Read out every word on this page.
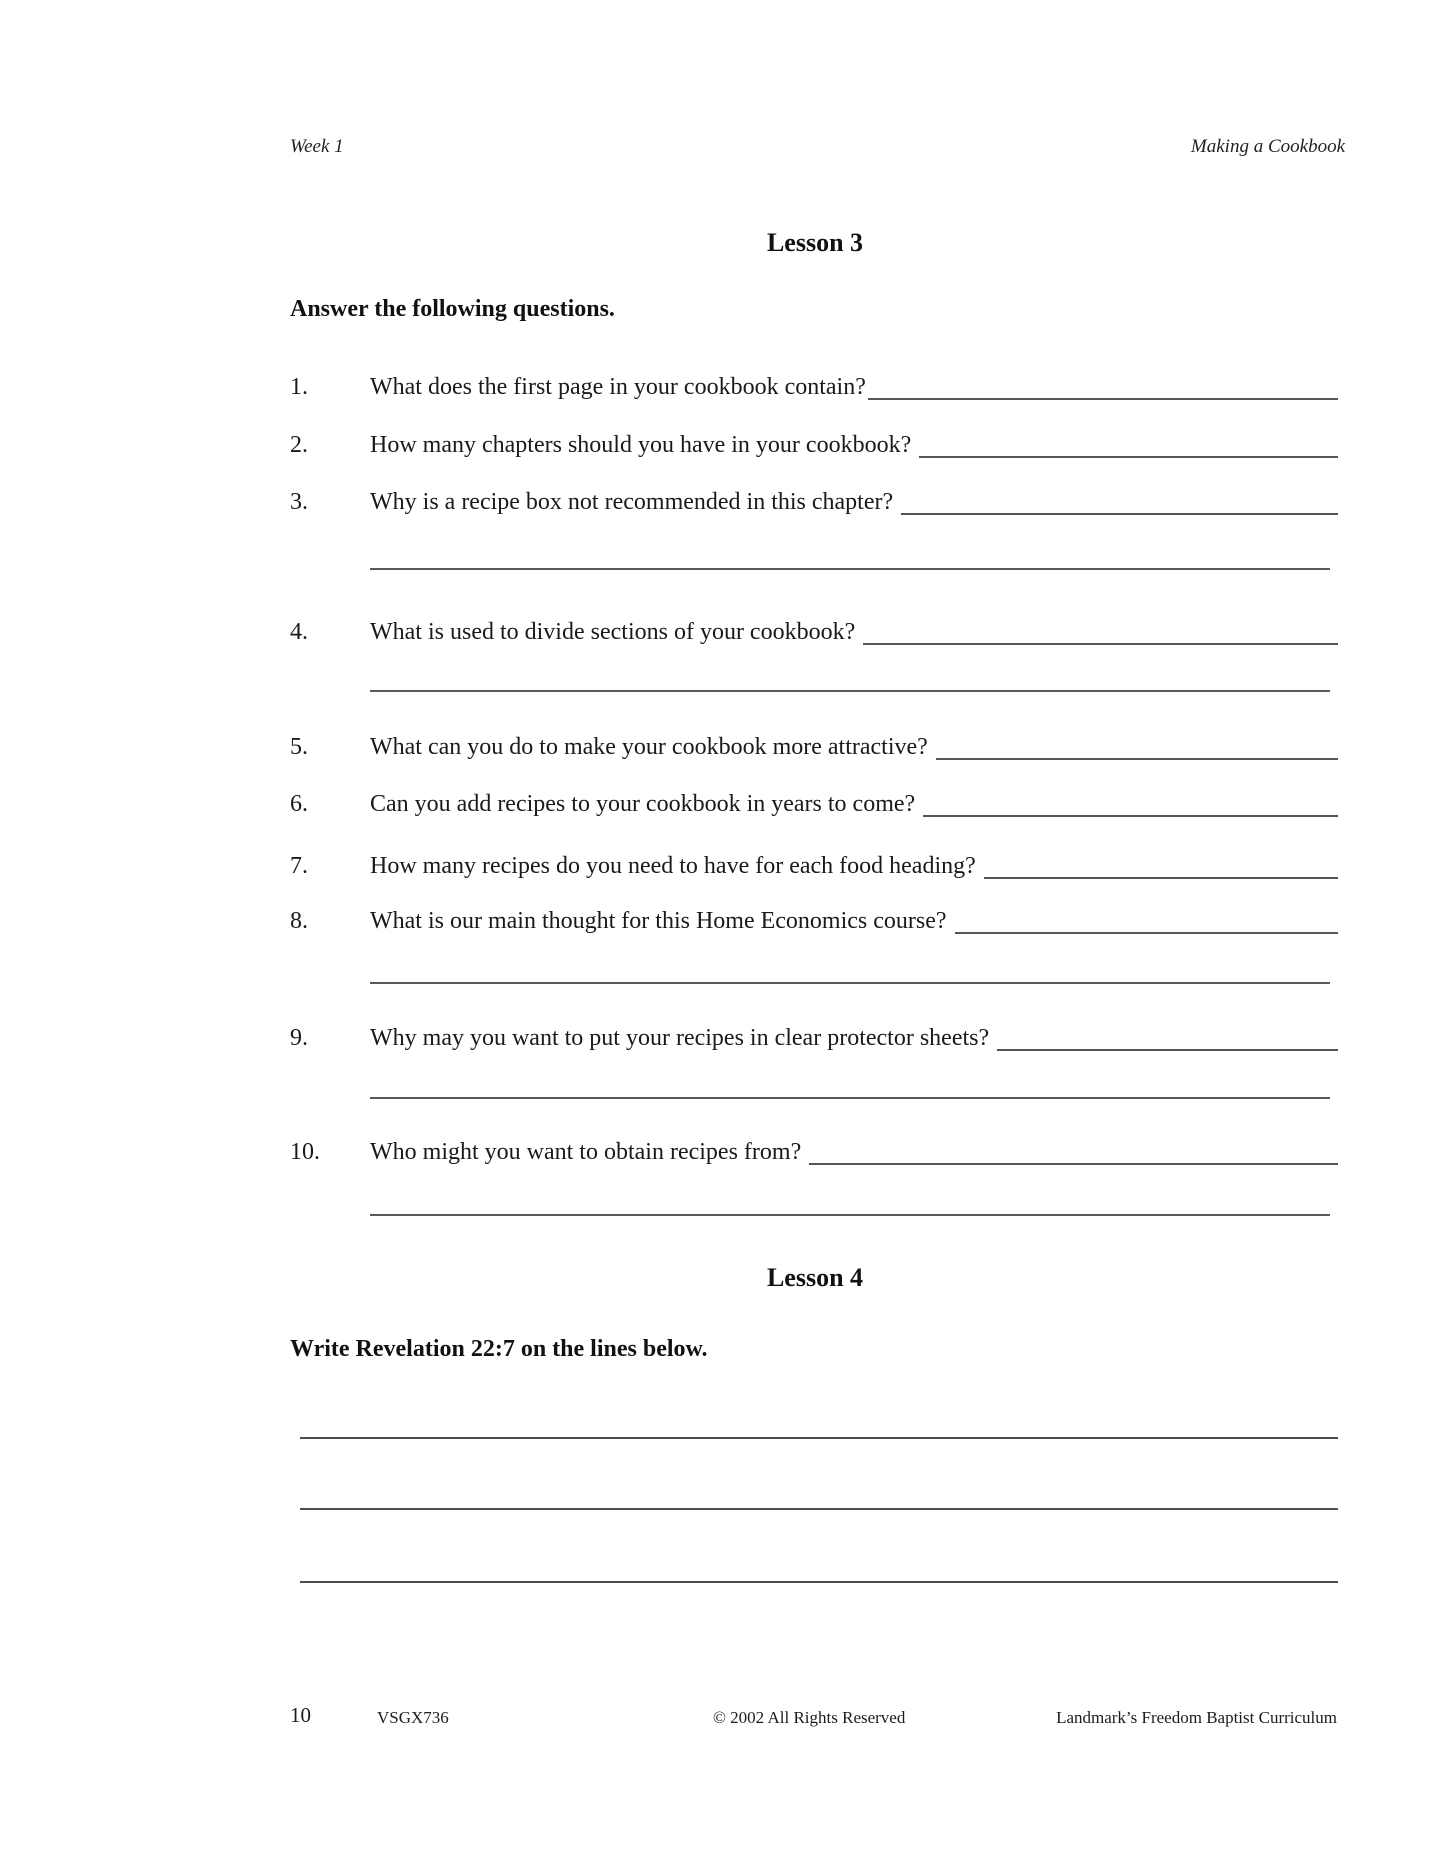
Week 1	Making a Cookbook
Lesson 3
Answer the following questions.
1.	What does the first page in your cookbook contain?
2.	How many chapters should you have in your cookbook?
3.	Why is a recipe box not recommended in this chapter?
4.	What is used to divide sections of your cookbook?
5.	What can you do to make your cookbook more attractive?
6.	Can you add recipes to your cookbook in years to come?
7.	How many recipes do you need to have for each food heading?
8.	What is our main thought for this Home Economics course?
9.	Why may you want to put your recipes in clear protector sheets?
10.	Who might you want to obtain recipes from?
Lesson 4
Write Revelation 22:7 on the lines below.
10	VSGX736	© 2002 All Rights Reserved	Landmark’s Freedom Baptist Curriculum
